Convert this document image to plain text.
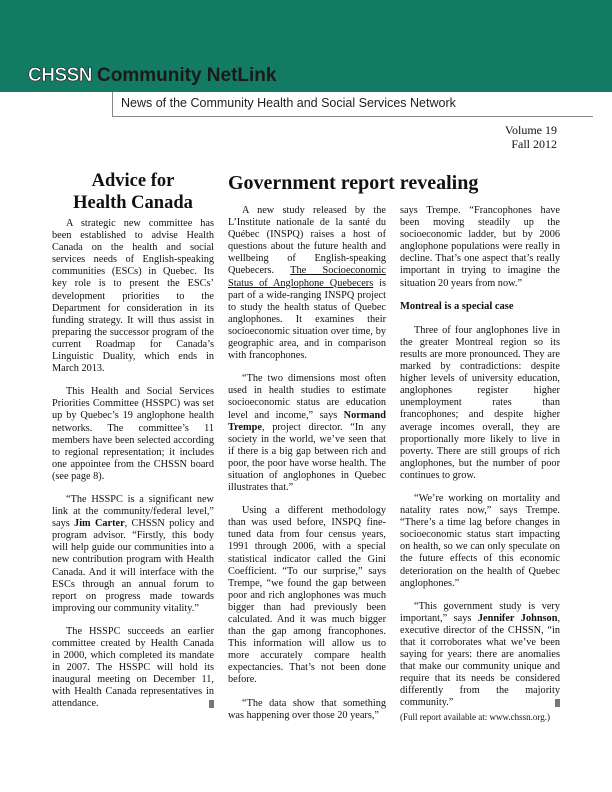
CHSSN Community NetLink
News of the Community Health and Social Services Network
Volume 19
Fall 2012
Advice for
Health Canada
Government report revealing

A strategic new committee has been established to advise Health Canada on the health and social services needs of English-speaking communities (ESCs) in Quebec. Its key role is to present the ESCs’ development priorities to the Department for consideration in its funding strategy. It will thus assist in preparing the successor program of the current Roadmap for Canada’s Linguistic Duality, which ends in March 2013.

This Health and Social Services Priorities Committee (HSSPC) was set up by Quebec’s 19 anglophone health networks. The committee’s 11 members have been selected according to regional representation; it includes one appointee from the CHSSN board (see page 8).

“The HSSPC is a significant new link at the community/federal level,” says Jim Carter, CHSSN policy and program advisor. “Firstly, this body will help guide our communities into a new contribution program with Health Canada. And it will interface with the ESCs through an annual forum to report on progress made towards improving our community vitality.”

The HSSPC succeeds an earlier committee created by Health Canada in 2000, which completed its mandate in 2007. The HSSPC will hold its inaugural meeting on December 11, with Health Canada representatives in attendance.

A new study released by the L’Institute nationale de la santé du Québec (INSPQ) raises a host of questions about the future health and wellbeing of English-speaking Quebecers. The Socioeconomic Status of Anglophone Quebecers is part of a wide-ranging INSPQ project to study the health status of Quebec anglophones. It examines their socioeconomic situation over time, by geographic area, and in comparison with francophones.

“The two dimensions most often used in health studies to estimate socioeconomic status are education level and income,” says Normand Trempe, project director. “In any society in the world, we’ve seen that if there is a big gap between rich and poor, the poor have worse health. The situation of anglophones in Quebec illustrates that.”

Using a different methodology than was used before, INSPQ fine-tuned data from four census years, 1991 through 2006, with a special statistical indicator called the Gini Coefficient. “To our surprise,” says Trempe, “we found the gap between poor and rich anglophones was much bigger than had previously been calculated. And it was much bigger than the gap among francophones. This information will allow us to more accurately compare health expectancies. That’s not been done before.

“The data show that something was happening over those 20 years,”

says Trempe. “Francophones have been moving steadily up the socioeconomic ladder, but by 2006 anglophone populations were really in decline. That’s one aspect that’s really important in trying to imagine the situation 20 years from now.”

Montreal is a special case

Three of four anglophones live in the greater Montreal region so its results are more pronounced. They are marked by contradictions: despite higher levels of university education, anglophones register higher unemployment rates than francophones; and despite higher average incomes overall, they are proportionally more likely to live in poverty. There are still groups of rich anglophones, but the number of poor continues to grow.

“We’re working on mortality and natality rates now,” says Trempe. “There’s a time lag before changes in socioeconomic status start impacting on health, so we can only speculate on the future effects of this economic deterioration on the health of Quebec anglophones.”

“This government study is very important,” says Jennifer Johnson, executive director of the CHSSN, “in that it corroborates what we’ve been saying for years: there are anomalies that make our community unique and require that its needs be considered differently from the majority community.”

(Full report available at: www.chssn.org.)
